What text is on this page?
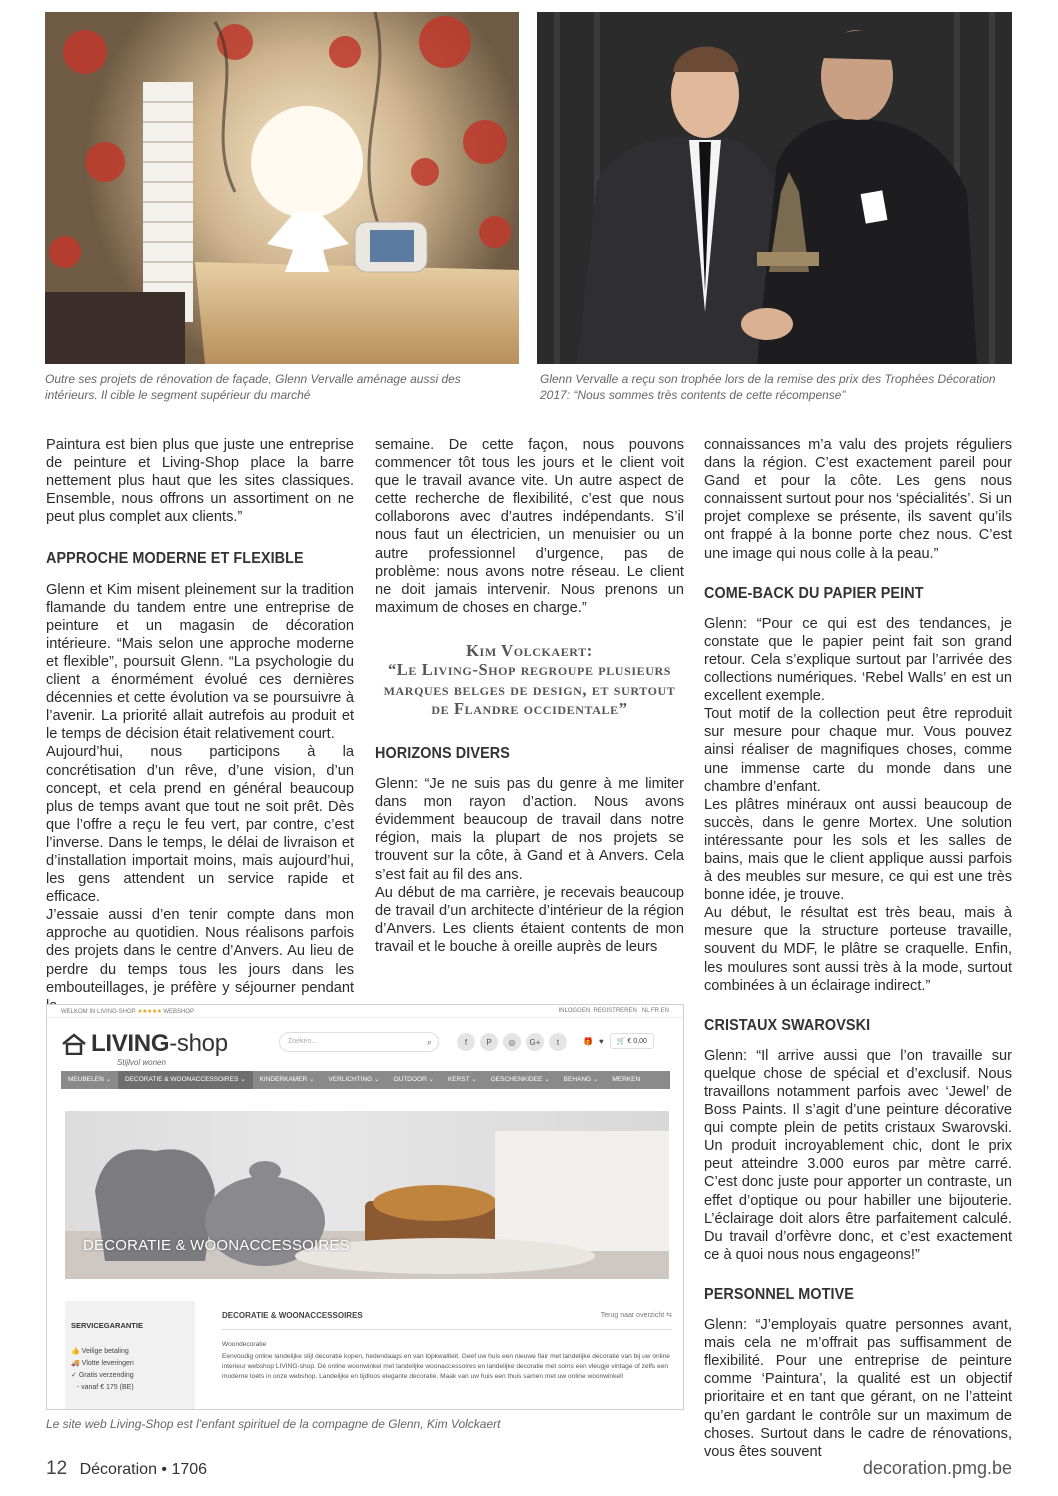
Outre ses projets de rénovation de façade, Glenn Vervalle aménage aussi des intérieurs. Il cible le segment supérieur du marché
Glenn Vervalle a reçu son trophée lors de la remise des prix des Trophées Décoration 2017: “Nous sommes très contents de cette récompense”

Paintura est bien plus que juste une entreprise de peinture et Living-Shop place la barre nettement plus haut que les sites classiques. Ensemble, nous offrons un assortiment on ne peut plus complet aux clients.”

APPROCHE MODERNE ET FLEXIBLE

Glenn et Kim misent pleinement sur la tradition flamande du tandem entre une entreprise de peinture et un magasin de décoration intérieure. “Mais selon une approche moderne et flexible”, poursuit Glenn. “La psychologie du client a énormément évolué ces dernières décennies et cette évolution va se poursuivre à l’avenir. La priorité allait autrefois au produit et le temps de décision était relativement court.

Aujourd’hui, nous participons à la concrétisation d’un rêve, d’une vision, d’un concept, et cela prend en général beaucoup plus de temps avant que tout ne soit prêt. Dès que l’offre a reçu le feu vert, par contre, c’est l’inverse. Dans le temps, le délai de livraison et d’installation importait moins, mais aujourd’hui, les gens attendent un service rapide et efficace.

J’essaie aussi d’en tenir compte dans mon approche au quotidien. Nous réalisons parfois des projets dans le centre d’Anvers. Au lieu de perdre du temps tous les jours dans les embouteillages, je préfère y séjourner pendant

semaine. De cette façon, nous pouvons commencer tôt tous les jours et le client voit que le travail avance vite. Un autre aspect de cette recherche de flexibilité, c’est que nous collaborons avec d’autres indépendants. S’il nous faut un électricien, un menuisier ou un autre professionnel d’urgence, pas de problème: nous avons notre réseau. Le client ne doit jamais intervenir. Nous prenons un maximum de choses en charge.”

Kim Volckaert:
“Le Living-Shop regroupe plusieurs marques belges de design, et surtout de Flandre occidentale”
HORIZONS DIVERS

Glenn: “Je ne suis pas du genre à me limiter dans mon rayon d’action. Nous avons évidemment beaucoup de travail dans notre région, mais la plupart de nos projets se trouvent sur la côte, à Gand et à Anvers. Cela s’est fait au fil des ans.

Au début de ma carrière, je recevais beaucoup de travail d’un architecte d’intérieur de la région d’Anvers. Les clients étaient contents de mon travail et le bouche à oreille auprès de leurs

connaissances m’a valu des projets réguliers dans la région. C’est exactement pareil pour Gand et pour la côte. Les gens nous connaissent surtout pour nos ‘spécialités’. Si un projet complexe se présente, ils savent qu’ils ont frappé à la bonne porte chez nous. C’est une image qui nous colle à la peau.”

COME-BACK DU PAPIER PEINT

Glenn: “Pour ce qui est des tendances, je constate que le papier peint fait son grand retour. Cela s’explique surtout par l’arrivée des collections numériques. ‘Rebel Walls’ en est un excellent exemple.

Tout motif de la collection peut être reproduit sur mesure pour chaque mur. Vous pouvez ainsi réaliser de magnifiques choses, comme une immense carte du monde dans une chambre d’enfant.

Les plâtres minéraux ont aussi beaucoup de succès, dans le genre Mortex. Une solution intéressante pour les sols et les salles de bains, mais que le client applique aussi parfois à des meubles sur mesure, ce qui est une très bonne idée, je trouve.

Au début, le résultat est très beau, mais à mesure que la structure porteuse travaille, souvent du MDF, le plâtre se craquelle. Enfin, les moulures sont aussi très à la mode, surtout combinées à un éclairage indirect.”

CRISTAUX SWAROVSKI

Glenn: “Il arrive aussi que l’on travaille sur quelque chose de spécial et d’exclusif. Nous travaillons notamment parfois avec ‘Jewel’ de Boss Paints. Il s’agit d’une peinture décorative qui compte plein de petits cristaux Swarovski. Un produit incroyablement chic, dont le prix peut atteindre 3.000 euros par mètre carré. C’est donc juste pour apporter un contraste, un effet d’optique ou pour habiller une bijouterie. L’éclairage doit alors être parfaitement calculé. Du travail d’orfèvre donc, et c’est exactement ce à quoi nous nous engageons!”

PERSONNEL MOTIVE

Glenn: “J’employais quatre personnes avant, mais cela ne m’offrait pas suffisamment de flexibilité. Pour une entreprise de peinture comme ‘Paintura’, la qualité est un objectif prioritaire et en tant que gérant, on ne l’atteint qu’en gardant le contrôle sur un maximum de choses. Surtout dans le cadre de rénovations, vous êtes souvent

WELKOM IN LIVING-SHOP ★★★★★ WEBSHOP	INLOGGEN REGISTREREN NL FR EN
LIVING-shop
Stijlvol wonen
Zoeken...	⌕	f	P	◎	G+	t	🎁 ♥	🛒 € 0,00
MEUBELEN ⌄	DECORATIE & WOONACCESSOIRES ⌄	KINDERKAMER ⌄	VERLICHTING ⌄	OUTDOOR ⌄	KERST ⌄	GESCHENKIDEE ⌄	BEHANG ⌄	MERKEN
DECORATIE & WOONACCESSOIRES
SERVICEGARANTIE
👍 Veilige betaling
🚚 Vlotte leveringen
✓ Gratis verzending
- vanaf € 175 (BE)
DECORATIE & WOONACCESSOIRES	Terug naar overzicht ⇆
Woondecoratie
Eenvoudig online landelijke stijl decoratie kopen, hedendaags en van topkwaliteit. Geef uw huis een nieuwe flair met landelijke decoratie van bij uw online interieur webshop LIVING-shop. Dé online woonwinkel met landelijke woonaccessoires en landelijke decoratie met soms een vleugje vintage of zelfs een moderne toets in onze webshop. Landelijke en tijdloos elegante decoratie. Maak van uw huis een thuis samen met uw online woonwinkel!
Le site web Living-Shop est l’enfant spirituel de la compagne de Glenn, Kim Volckaert
12 Décoration • 1706	decoration.pmg.be
